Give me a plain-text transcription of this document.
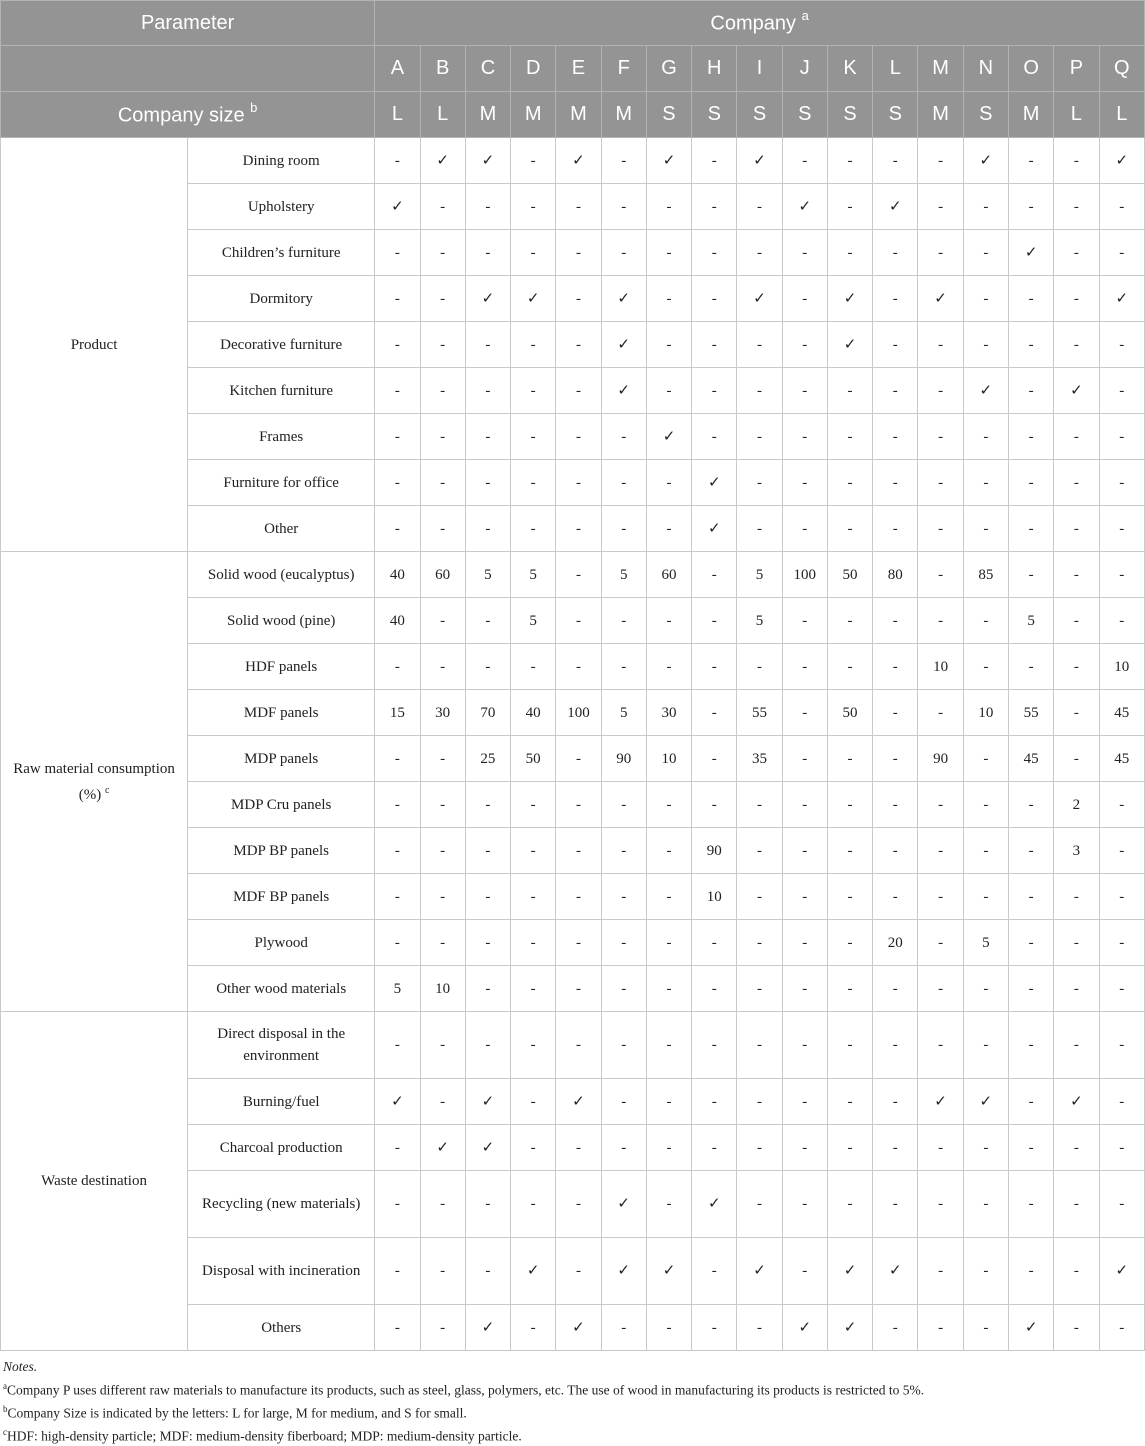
Parameter		Company $^a$
		A	B	C	D	E	F	G	H	I	J	K	L	M	N	O	P	Q
Company size $^b$		L	L	M	M	M	M	S	S	S	S	S	S	M	S	M	L	L
Product	Dining room	-	✓	✓	-	✓	-	✓	-	✓	-	-	-	-	✓	-	-	✓
	Upholstery	✓	-	-	-	-	-	-	-	-	✓	-	✓	-	-	-	-	-
	Children’s furniture	-	-	-	-	-	-	-	-	-	-	-	-	-	-	✓	-	-
	Dormitory	-	-	✓	✓	-	✓	-	-	✓	-	✓	-	✓	-	-	-	✓
	Decorative furniture	-	-	-	-	-	✓	-	-	-	-	✓	-	-	-	-	-	-
	Kitchen furniture	-	-	-	-	-	✓	-	-	-	-	-	-	-	✓	-	✓	-
	Frames	-	-	-	-	-	-	✓	-	-	-	-	-	-	-	-	-	-
	Furniture for office	-	-	-	-	-	-	-	✓	-	-	-	-	-	-	-	-	-
	Other	-	-	-	-	-	-	-	✓	-	-	-	-	-	-	-	-	-
Raw material consumption (%) $^c$	Solid wood (eucalyptus)	40	60	5	5	-	5	60	-	5	100	50	80	-	85	-	-	-
	Solid wood (pine)	40	-	-	5	-	-	-	-	5	-	-	-	-	-	5	-	-
	HDF panels	-	-	-	-	-	-	-	-	-	-	-	-	10	-	-	-	10
	MDF panels	15	30	70	40	100	5	30	-	55	-	50	-	-	10	55	-	45
	MDP panels	-	-	25	50	-	90	10	-	35	-	-	-	90	-	45	-	45
	MDP Cru panels	-	-	-	-	-	-	-	-	-	-	-	-	-	-	-	2	-
	MDP BP panels	-	-	-	-	-	-	-	90	-	-	-	-	-	-	-	3	-
	MDF BP panels	-	-	-	-	-	-	-	10	-	-	-	-	-	-	-	-	-
	Plywood	-	-	-	-	-	-	-	-	-	-	-	20	-	5	-	-	-
	Other wood materials	5	10	-	-	-	-	-	-	-	-	-	-	-	-	-	-	-
Waste destination	Direct disposal in the environment	-	-	-	-	-	-	-	-	-	-	-	-	-	-	-	-	-
	Burning/fuel	✓	-	✓	-	✓	-	-	-	-	-	-	-	✓	✓	-	✓	-
	Charcoal production	-	✓	✓	-	-	-	-	-	-	-	-	-	-	-	-	-	-
	Recycling (new materials)	-	-	-	-	-	✓	-	✓	-	-	-	-	-	-	-	-	-
	Disposal with incineration	-	-	-	✓	-	✓	✓	-	✓	-	✓	✓	-	-	-	-	✓
	Others	-	-	✓	-	✓	-	-	-	-	✓	✓	-	-	-	✓	-	-
Notes.
$^a$Company P uses different raw materials to manufacture its products, such as steel, glass, polymers, etc. The use of wood in manufacturing its products is restricted to 5%.
$^b$Company Size is indicated by the letters: L for large, M for medium, and S for small.
$^c$HDF: high-density particle; MDF: medium-density fiberboard; MDP: medium-density particle.
